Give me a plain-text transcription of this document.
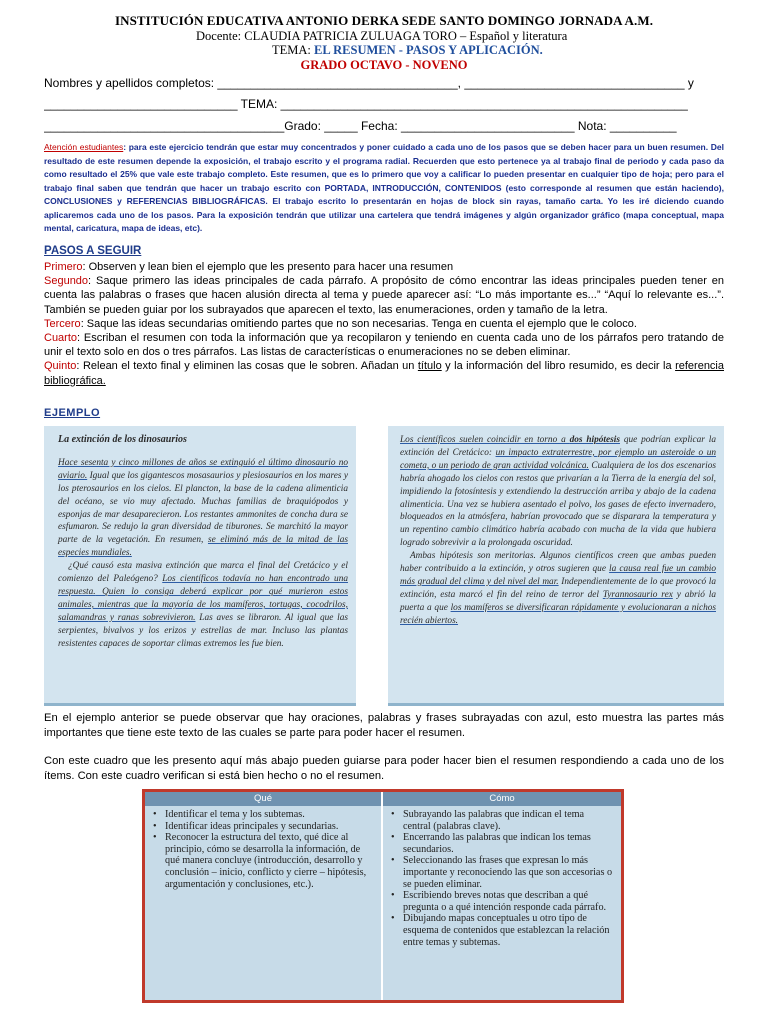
INSTITUCIÓN EDUCATIVA ANTONIO DERKA SEDE SANTO DOMINGO JORNADA A.M.
Docente: CLAUDIA PATRICIA ZULUAGA TORO – Español y literatura
TEMA: EL RESUMEN - PASOS Y APLICACIÓN.
GRADO OCTAVO - NOVENO
Nombres y apellidos completos: ____________________________________, _________________________________ y
_____________________________ TEMA: _____________________________________________________________
____________________________________Grado: _____ Fecha: __________________________ Nota: __________
Atención estudiantes: para este ejercicio tendrán que estar muy concentrados y poner cuidado a cada uno de los pasos que se deben hacer para un buen resumen. Del resultado de este resumen depende la exposición, el trabajo escrito y el programa radial. Recuerden que esto pertenece ya al trabajo final de periodo y cada paso da como resultado el 25% que vale este trabajo completo. Este resumen, que es lo primero que voy a calificar lo pueden presentar en cualquier tipo de hoja; pero para el trabajo final saben que tendrán que hacer un trabajo escrito con PORTADA, INTRODUCCIÓN, CONTENIDOS (esto corresponde al resumen que están haciendo), CONCLUSIONES y REFERENCIAS BIBLIOGRÁFICAS. El trabajo escrito lo presentarán en hojas de block sin rayas, tamaño carta. Yo les iré diciendo cuando aplicaremos cada uno de los pasos. Para la exposición tendrán que utilizar una cartelera que tendrá imágenes y algún organizador gráfico (mapa conceptual, mapa mental, caricatura, mapa de ideas, etc).
PASOS A SEGUIR
Primero: Observen y lean bien el ejemplo que les presento para hacer una resumen
Segundo: Saque primero las ideas principales de cada párrafo. A propósito de cómo encontrar las ideas principales pueden tener en cuenta las palabras o frases que hacen alusión directa al tema y puede aparecer así: “Lo más importante es...” “Aquí lo relevante es...”. También se pueden guiar por los subrayados que aparecen el texto, las enumeraciones, orden y tamaño de la letra.
Tercero: Saque las ideas secundarias omitiendo partes que no son necesarias. Tenga en cuenta el ejemplo que le coloco.
Cuarto: Escriban el resumen con toda la información que ya recopilaron y teniendo en cuenta cada uno de los párrafos pero tratando de unir el texto solo en dos o tres párrafos. Las listas de características o enumeraciones no se deben eliminar.
Quinto: Relean el texto final y eliminen las cosas que le sobren. Añadan un título y la información del libro resumido, es decir la referencia bibliográfica.
EJEMPLO
La extinción de los dinosaurios

Hace sesenta y cinco millones de años se extinguió el último dinosaurio no aviario. Igual que los gigantescos mosasaurios y plesiosaurios en los mares y los pterosaurios en los cielos. El plancton, la base de la cadena alimenticia del océano, se vio muy afectado. Muchas familias de braquiópodos y esponjas de mar desaparecieron. Los restantes ammonites de concha dura se esfumaron. Se redujo la gran diversidad de tiburones. Se marchitó la mayor parte de la vegetación. En resumen, se eliminó más de la mitad de las especies mundiales.

¿Qué causó esta masiva extinción que marca el final del Cretácico y el comienzo del Paleógeno? Los científicos todavía no han encontrado una respuesta. Quien lo consiga deberá explicar por qué murieron estos animales, mientras que la mayoría de los mamíferos, tortugas, cocodrilos, salamandras y ranas sobrevivieron. Las aves se libraron. Al igual que las serpientes, bivalvos y los erizos y estrellas de mar. Incluso las plantas resistentes capaces de soportar climas extremos les fue bien.

Los científicos suelen coincidir en torno a dos hipótesis que podrían explicar la extinción del Cretácico: un impacto extraterrestre, por ejemplo un asteroide o un cometa, o un periodo de gran actividad volcánica. Cualquiera de los dos escenarios habría ahogado los cielos con restos que privarían a la Tierra de la energía del sol, impidiendo la fotosíntesis y extendiendo la destrucción arriba y abajo de la cadena alimenticia. Una vez se hubiera asentado el polvo, los gases de efecto invernadero, bloqueados en la atmósfera, habrían provocado que se disparara la temperatura y un repentino cambio climático habría acabado con mucha de la vida que hubiera logrado sobrevivir a la prolongada oscuridad.

Ambas hipótesis son meritorias. Algunos científicos creen que ambas pueden haber contribuido a la extinción, y otros sugieren que la causa real fue un cambio más gradual del clima y del nivel del mar. Independientemente de lo que provocó la extinción, esta marcó el fin del reino de terror del Tyrannosaurio rex y abrió la puerta a que los mamíferos se diversificaran rápidamente y evolucionaran a nichos recién abiertos.

En el ejemplo anterior se puede observar que hay oraciones, palabras y frases subrayadas con azul, esto muestra las partes más importantes que tiene este texto de las cuales se parte para poder hacer el resumen.
Con este cuadro que les presento aquí más abajo pueden guiarse para poder hacer bien el resumen respondiendo a cada uno de los ítems. Con este cuadro verifican si está bien hecho o no el resumen.
Qué	Cómo
• Identificar el tema y los subtemas.
• Identificar ideas principales y secundarias.
• Reconocer la estructura del texto, qué dice al principio, cómo se desarrolla la información, de qué manera concluye (introducción, desarrollo y conclusión – inicio, conflicto y cierre – hipótesis, argumentación y conclusiones, etc.).
• Subrayando las palabras que indican el tema central (palabras clave).
• Encerrando las palabras que indican los temas secundarios.
• Seleccionando las frases que expresan lo más importante y reconociendo las que son accesorias o se pueden eliminar.
• Escribiendo breves notas que describan a qué pregunta o a qué intención responde cada párrafo.
• Dibujando mapas conceptuales u otro tipo de esquema de contenidos que establezcan la relación entre temas y subtemas.
